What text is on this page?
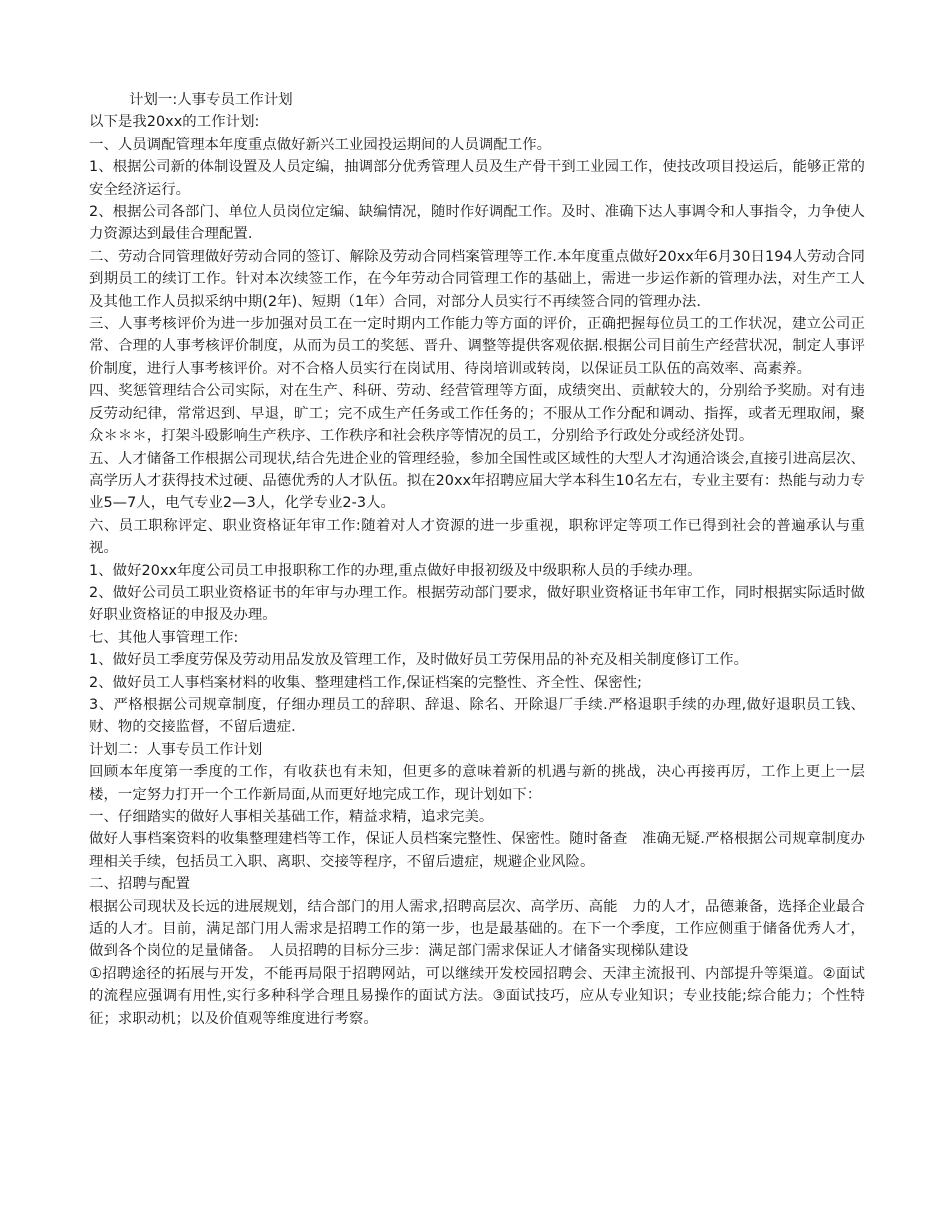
计划一:人事专员工作计划

以下是我20xx的工作计划:

一、人员调配管理本年度重点做好新兴工业园投运期间的人员调配工作。

1、根据公司新的体制设置及人员定编，抽调部分优秀管理人员及生产骨干到工业园工作，使技改项目投运后，能够正常的安全经济运行。

2、根据公司各部门、单位人员岗位定编、缺编情况，随时作好调配工作。及时、准确下达人事调令和人事指令，力争使人力资源达到最佳合理配置.

二、劳动合同管理做好劳动合同的签订、解除及劳动合同档案管理等工作.本年度重点做好20xx年6月30日194人劳动合同到期员工的续订工作。针对本次续签工作，在今年劳动合同管理工作的基础上，需进一步运作新的管理办法，对生产工人及其他工作人员拟采纳中期(2年)、短期（1年）合同，对部分人员实行不再续签合同的管理办法.

三、人事考核评价为进一步加强对员工在一定时期内工作能力等方面的评价，正确把握每位员工的工作状况，建立公司正常、合理的人事考核评价制度，从而为员工的奖惩、晋升、调整等提供客观依据.根据公司目前生产经营状况，制定人事评价制度，进行人事考核评价。对不合格人员实行在岗试用、待岗培训或转岗，以保证员工队伍的高效率、高素养。

四、奖惩管理结合公司实际，对在生产、科研、劳动、经营管理等方面，成绩突出、贡献较大的，分别给予奖励。对有违反劳动纪律，常常迟到、早退，旷工；完不成生产任务或工作任务的；不服从工作分配和调动、指挥，或者无理取闹，聚众＊＊＊，打架斗殴影响生产秩序、工作秩序和社会秩序等情况的员工，分别给予行政处分或经济处罚。

五、人才储备工作根据公司现状,结合先进企业的管理经验，参加全国性或区域性的大型人才沟通洽谈会,直接引进高层次、高学历人才获得技术过硬、品德优秀的人才队伍。拟在20xx年招聘应届大学本科生10名左右，专业主要有：热能与动力专业5—7人，电气专业2—3人，化学专业2-3人。

六、员工职称评定、职业资格证年审工作:随着对人才资源的进一步重视，职称评定等项工作已得到社会的普遍承认与重视。

1、做好20xx年度公司员工申报职称工作的办理,重点做好申报初级及中级职称人员的手续办理。

2、做好公司员工职业资格证书的年审与办理工作。根据劳动部门要求，做好职业资格证书年审工作，同时根据实际适时做好职业资格证的申报及办理。

七、其他人事管理工作:

1、做好员工季度劳保及劳动用品发放及管理工作，及时做好员工劳保用品的补充及相关制度修订工作。

2、做好员工人事档案材料的收集、整理建档工作,保证档案的完整性、齐全性、保密性;

3、严格根据公司规章制度，仔细办理员工的辞职、辞退、除名、开除退厂手续.严格退职手续的办理,做好退职员工钱、财、物的交接监督，不留后遗症.

计划二：人事专员工作计划

回顾本年度第一季度的工作，有收获也有未知，但更多的意味着新的机遇与新的挑战，决心再接再厉，工作上更上一层楼，一定努力打开一个工作新局面,从而更好地完成工作，现计划如下：

一、仔细踏实的做好人事相关基础工作，精益求精，追求完美。

做好人事档案资料的收集整理建档等工作，保证人员档案完整性、保密性。随时备查　准确无疑.严格根据公司规章制度办理相关手续，包括员工入职、离职、交接等程序，不留后遗症，规避企业风险。

二、招聘与配置

根据公司现状及长远的进展规划，结合部门的用人需求,招聘高层次、高学历、高能　力的人才，品德兼备，选择企业最合适的人才。目前，满足部门用人需求是招聘工作的第一步，也是最基础的。在下一个季度，工作应侧重于储备优秀人才，做到各个岗位的足量储备。　人员招聘的目标分三步：满足部门需求保证人才储备实现梯队建设

①招聘途径的拓展与开发，不能再局限于招聘网站，可以继续开发校园招聘会、天津主流报刊、内部提升等渠道。②面试的流程应强调有用性,实行多种科学合理且易操作的面试方法。③面试技巧，应从专业知识；专业技能;综合能力；个性特征；求职动机；以及价值观等维度进行考察。
